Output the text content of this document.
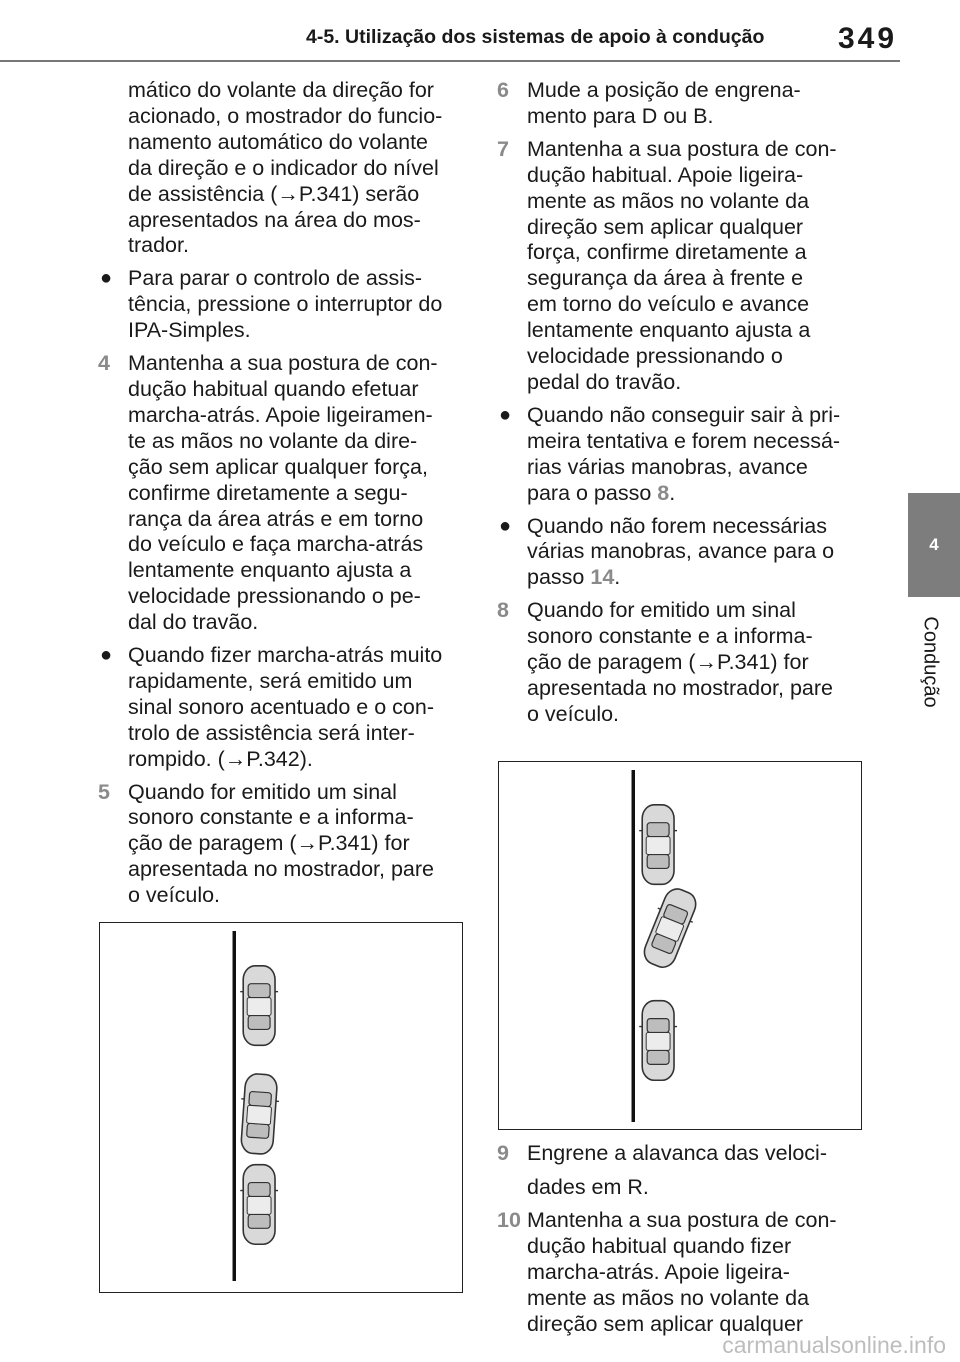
4-5. Utilização dos sistemas de apoio à condução 349
4
Condução
mático do volante da direção for
acionado, o mostrador do funcio-
namento automático do volante
da direção e o indicador do nível
de assistência (→P.341) serão
apresentados na área do mos-
trador.
● Para parar o controlo de assis-
tência, pressione o interruptor do
IPA-Simples.
4 Mantenha a sua postura de con-
dução habitual quando efetuar
marcha-atrás. Apoie ligeiramen-
te as mãos no volante da dire-
ção sem aplicar qualquer força,
confirme diretamente a segu-
rança da área atrás e em torno
do veículo e faça marcha-atrás
lentamente enquanto ajusta a
velocidade pressionando o pe-
dal do travão.
● Quando fizer marcha-atrás muito
rapidamente, será emitido um
sinal sonoro acentuado e o con-
trolo de assistência será inter-
rompido. (→P.342).
5 Quando for emitido um sinal
sonoro constante e a informa-
ção de paragem (→P.341) for
apresentada no mostrador, pare
o veículo.
6 Mude a posição de engrena-
mento para D ou B.
7 Mantenha a sua postura de con-
dução habitual. Apoie ligeira-
mente as mãos no volante da
direção sem aplicar qualquer
força, confirme diretamente a
segurança da área à frente e
em torno do veículo e avance
lentamente enquanto ajusta a
velocidade pressionando o
pedal do travão.
● Quando não conseguir sair à pri-
meira tentativa e forem necessá-
rias várias manobras, avance
para o passo 8.
● Quando não forem necessárias
várias manobras, avance para o
passo 14.
8 Quando for emitido um sinal
sonoro constante e a informa-
ção de paragem (→P.341) for
apresentada no mostrador, pare
o veículo.
9 Engrene a alavanca das veloci-
dades em R.
10 Mantenha a sua postura de con-
dução habitual quando fizer
marcha-atrás. Apoie ligeira-
mente as mãos no volante da
direção sem aplicar qualquer
carmanualsonline.info
